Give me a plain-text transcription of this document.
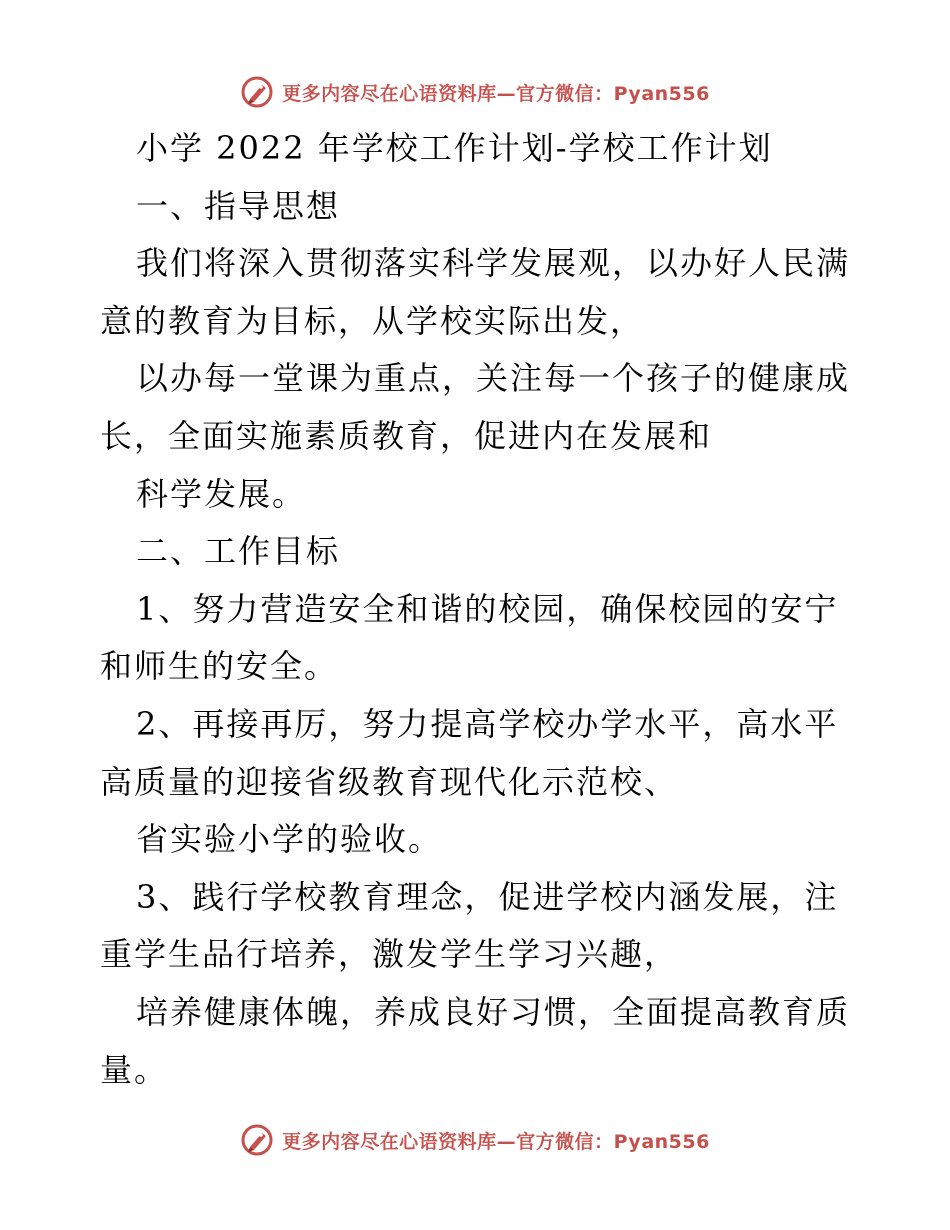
更多内容尽在心语资料库—官方微信：Pyan556
小学 2022 年学校工作计划-学校工作计划
一、指导思想
我们将深入贯彻落实科学发展观，以办好人民满
意的教育为目标，从学校实际出发，
以办每一堂课为重点，关注每一个孩子的健康成
长，全面实施素质教育，促进内在发展和
科学发展。
二、工作目标
1、努力营造安全和谐的校园，确保校园的安宁
和师生的安全。
2、再接再厉，努力提高学校办学水平，高水平
高质量的迎接省级教育现代化示范校、
省实验小学的验收。
3、践行学校教育理念，促进学校内涵发展，注
重学生品行培养，激发学生学习兴趣，
培养健康体魄，养成良好习惯，全面提高教育质
量。
更多内容尽在心语资料库—官方微信：Pyan556
